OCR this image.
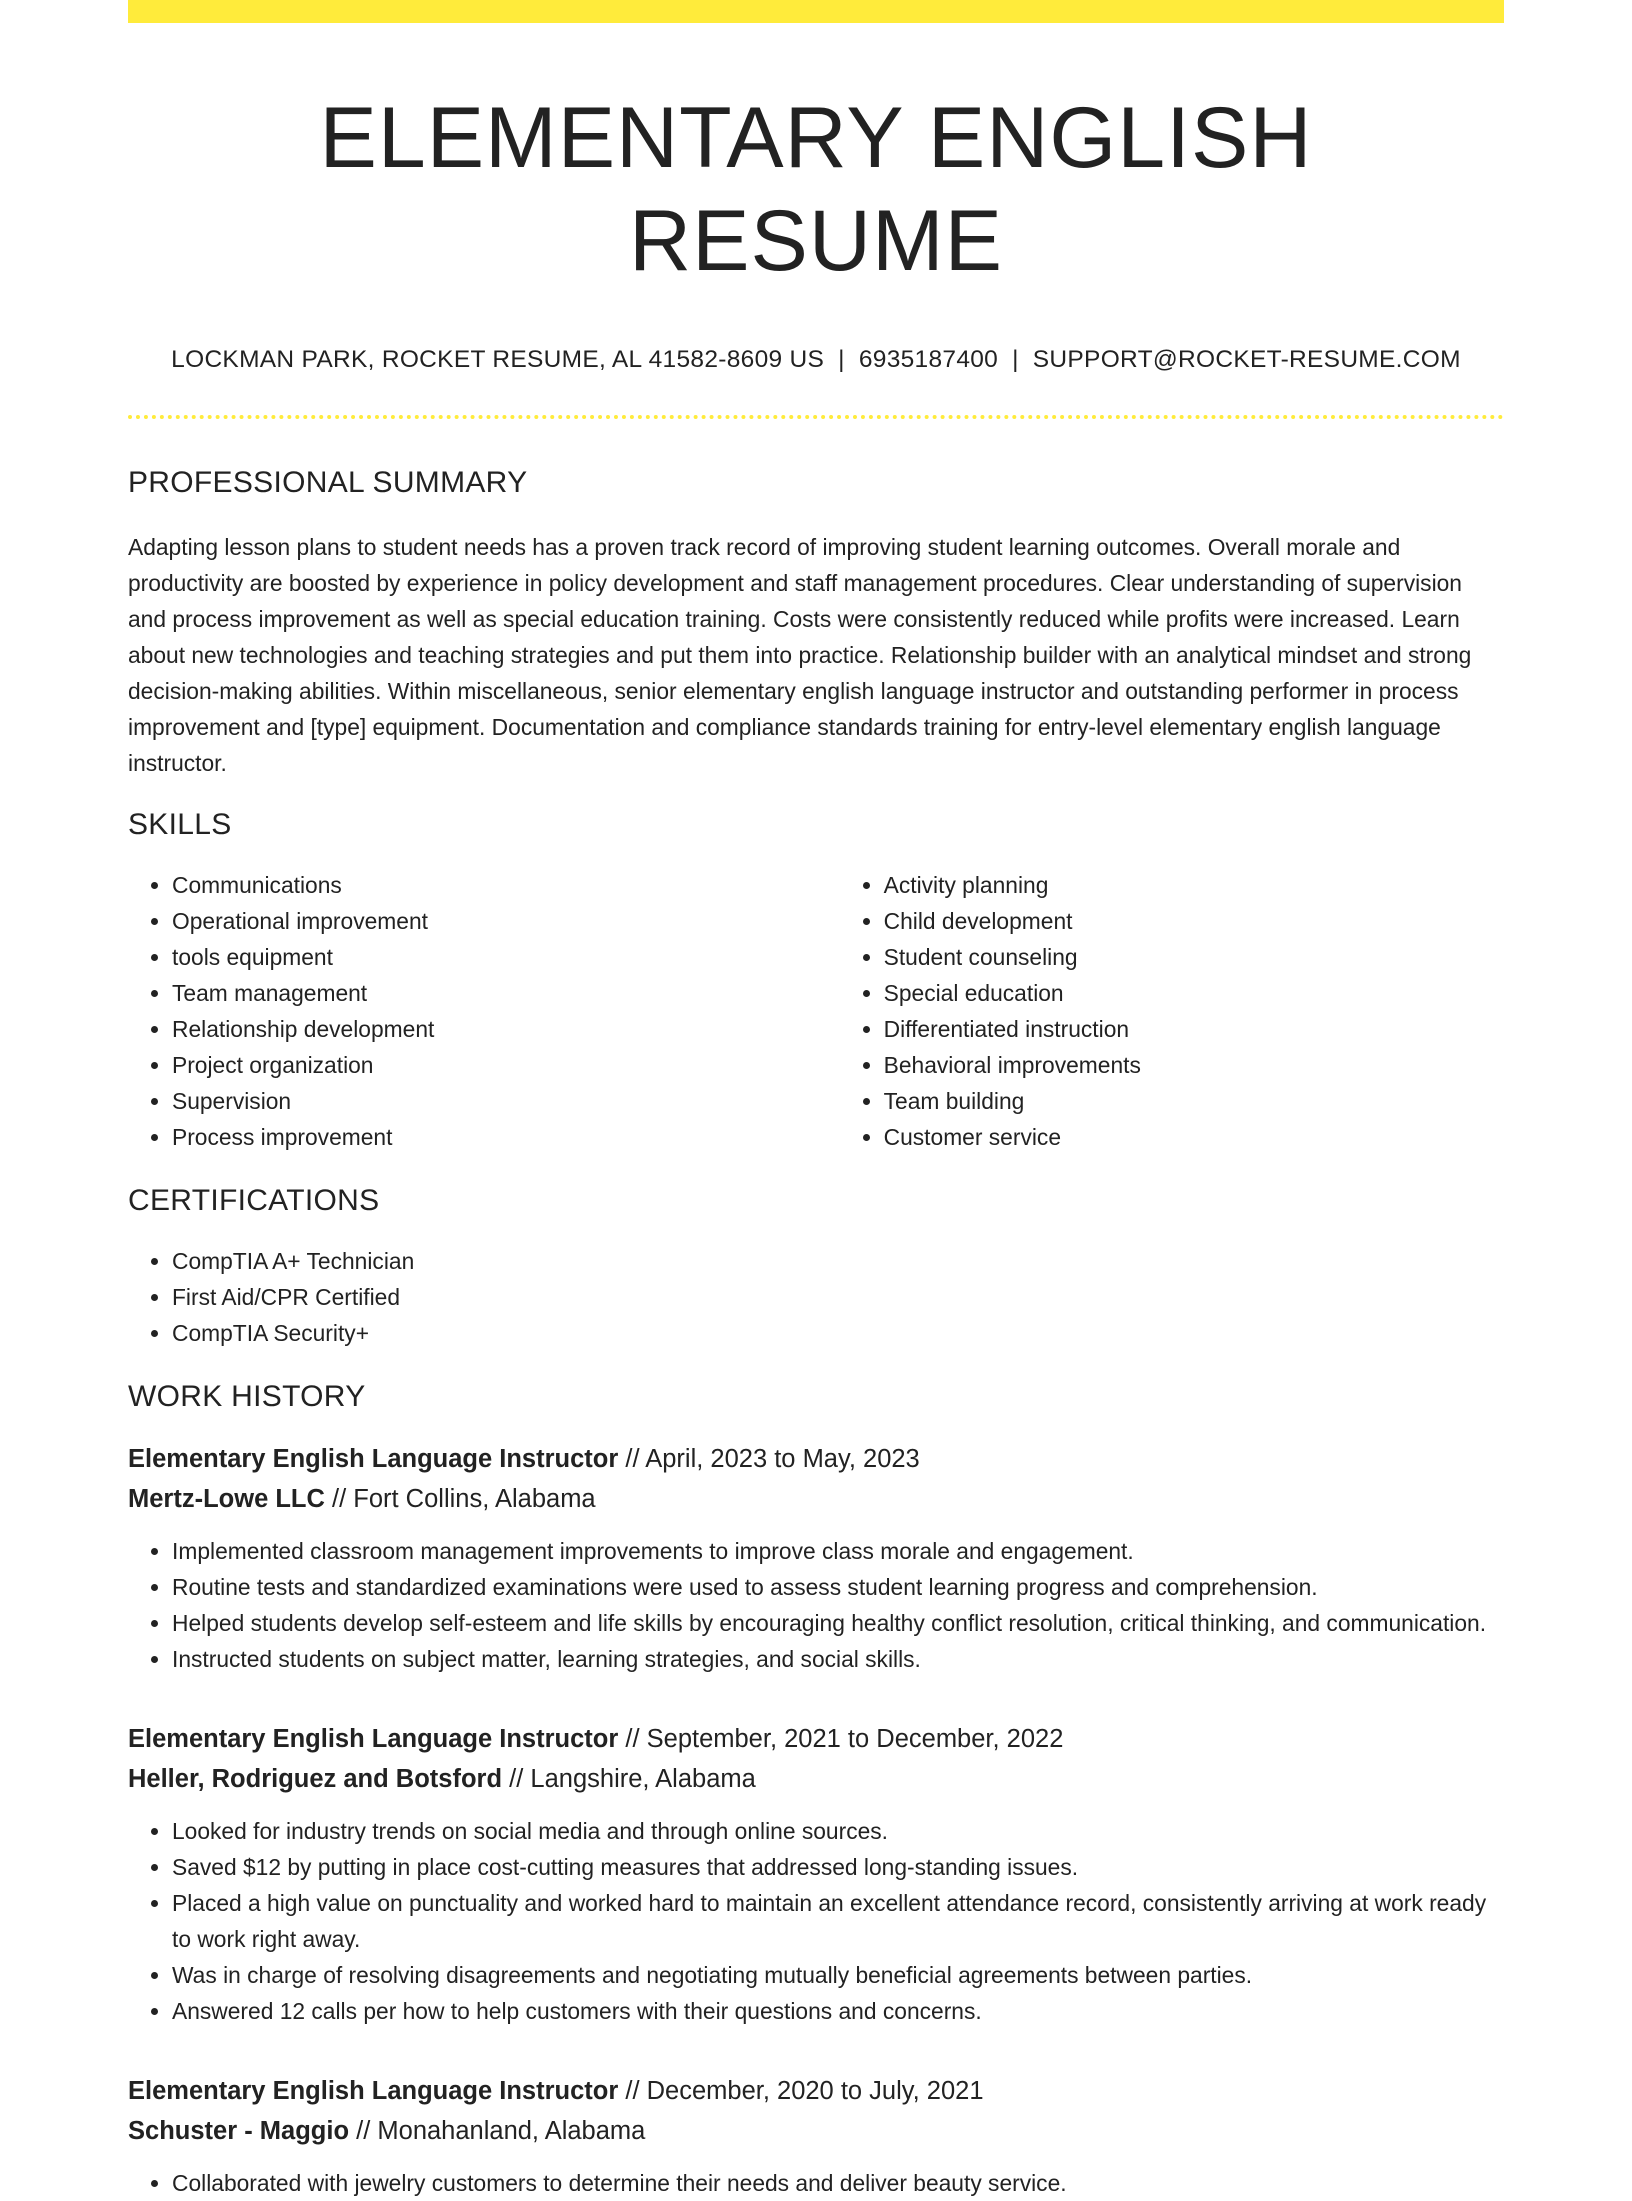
ELEMENTARY ENGLISH RESUME
LOCKMAN PARK, ROCKET RESUME, AL 41582-8609 US | 6935187400 | SUPPORT@ROCKET-RESUME.COM
PROFESSIONAL SUMMARY

Adapting lesson plans to student needs has a proven track record of improving student learning outcomes. Overall morale and productivity are boosted by experience in policy development and staff management procedures. Clear understanding of supervision and process improvement as well as special education training. Costs were consistently reduced while profits were increased. Learn about new technologies and teaching strategies and put them into practice. Relationship builder with an analytical mindset and strong decision-making abilities. Within miscellaneous, senior elementary english language instructor and outstanding performer in process improvement and [type] equipment. Documentation and compliance standards training for entry-level elementary english language instructor.

SKILLS
• Communications
• Operational improvement
• tools equipment
• Team management
• Relationship development
• Project organization
• Supervision
• Process improvement
• Activity planning
• Child development
• Student counseling
• Special education
• Differentiated instruction
• Behavioral improvements
• Team building
• Customer service
CERTIFICATIONS
• CompTIA A+ Technician
• First Aid/CPR Certified
• CompTIA Security+
WORK HISTORY
Elementary English Language Instructor // April, 2023 to May, 2023
Mertz-Lowe LLC // Fort Collins, Alabama
• Implemented classroom management improvements to improve class morale and engagement.
• Routine tests and standardized examinations were used to assess student learning progress and comprehension.
• Helped students develop self-esteem and life skills by encouraging healthy conflict resolution, critical thinking, and communication.
• Instructed students on subject matter, learning strategies, and social skills.
Elementary English Language Instructor // September, 2021 to December, 2022
Heller, Rodriguez and Botsford // Langshire, Alabama
• Looked for industry trends on social media and through online sources.
• Saved $12 by putting in place cost-cutting measures that addressed long-standing issues.
• Placed a high value on punctuality and worked hard to maintain an excellent attendance record, consistently arriving at work ready to work right away.
• Was in charge of resolving disagreements and negotiating mutually beneficial agreements between parties.
• Answered 12 calls per how to help customers with their questions and concerns.
Elementary English Language Instructor // December, 2020 to July, 2021
Schuster - Maggio // Monahanland, Alabama
• Collaborated with jewelry customers to determine their needs and deliver beauty service.
